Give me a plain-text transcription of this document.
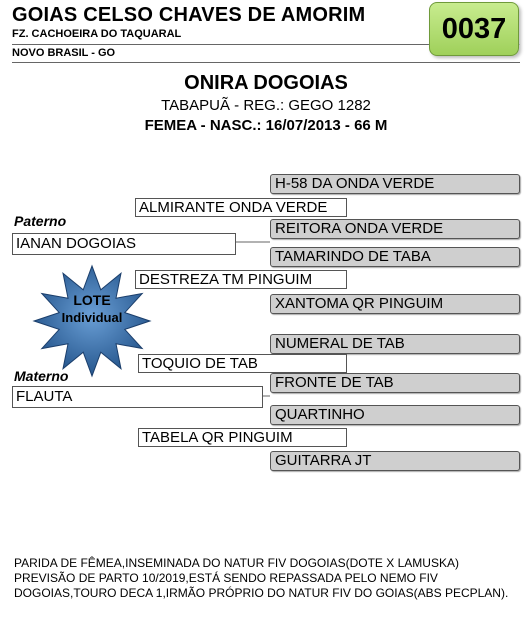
GOIAS CELSO CHAVES DE AMORIM
FZ. CACHOEIRA DO TAQUARAL
NOVO BRASIL - GO
0037
ONIRA DOGOIAS
TABAPUÃ - REG.: GEGO 1282
FEMEA - NASC.: 16/07/2013 - 66 M
H-58 DA ONDA VERDE
REITORA ONDA VERDE
TAMARINDO DE TABA
XANTOMA QR PINGUIM
NUMERAL DE TAB
FRONTE DE TAB
QUARTINHO
GUITARRA JT
ALMIRANTE ONDA VERDE
DESTREZA TM PINGUIM
TOQUIO DE TAB
TABELA QR PINGUIM
Paterno
IANAN DOGOIAS
Materno
FLAUTA
LOTE
Individual
PARIDA DE FÊMEA,INSEMINADA DO NATUR FIV DOGOIAS(DOTE X LAMUSKA) PREVISÃO DE PARTO 10/2019,ESTÁ SENDO REPASSADA PELO NEMO FIV DOGOIAS,TOURO DECA 1,IRMÃO PRÓPRIO DO NATUR FIV DO GOIAS(ABS PECPLAN).
